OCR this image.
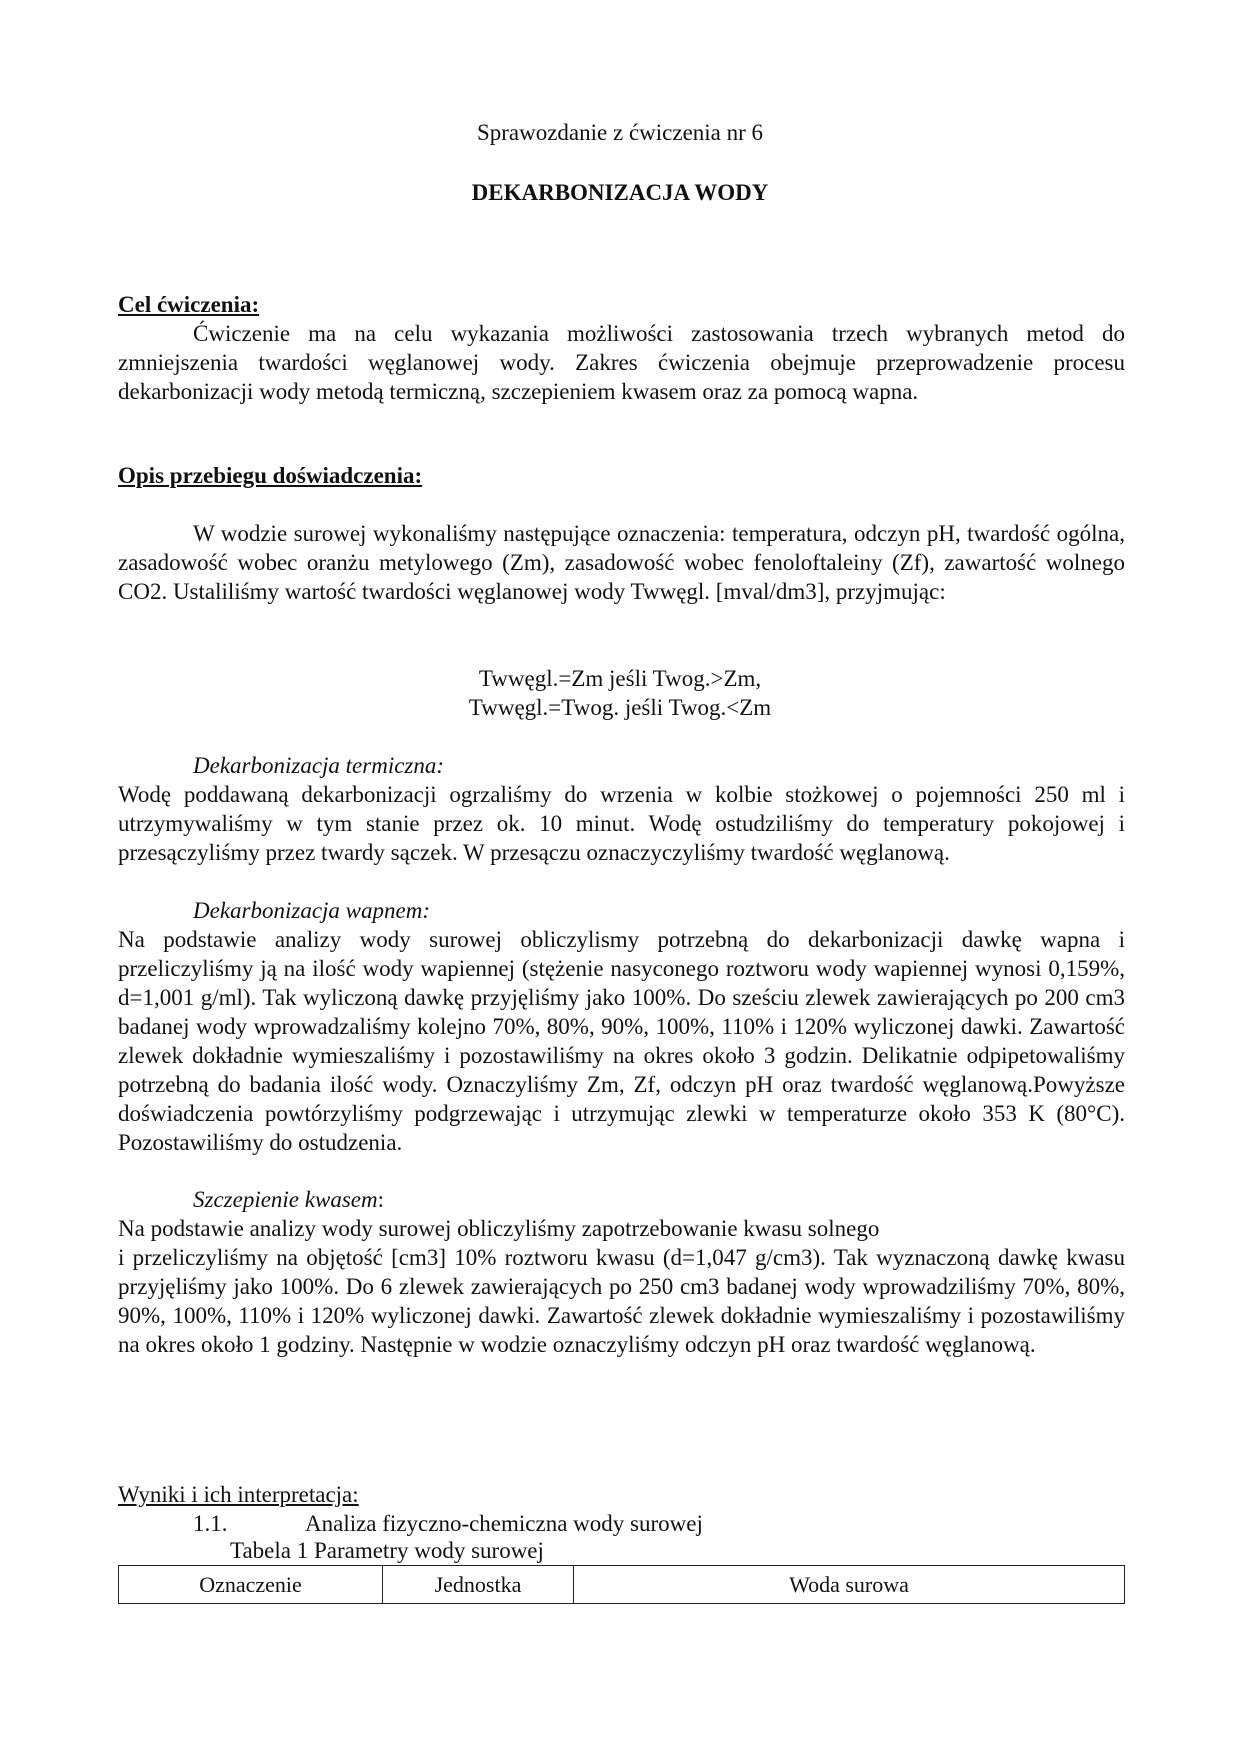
Sprawozdanie z ćwiczenia nr 6
DEKARBONIZACJA WODY
Cel ćwiczenia:
Ćwiczenie ma na celu wykazania możliwości zastosowania trzech wybranych metod do zmniejszenia twardości węglanowej wody. Zakres ćwiczenia obejmuje przeprowadzenie procesu dekarbonizacji wody metodą termiczną, szczepieniem kwasem oraz za pomocą wapna.
Opis przebiegu doświadczenia:
W wodzie surowej wykonaliśmy następujące oznaczenia: temperatura, odczyn pH, twardość ogólna, zasadowość wobec oranżu metylowego (Zm), zasadowość wobec fenoloftaleiny (Zf), zawartość wolnego CO2. Ustaliliśmy wartość twardości węglanowej wody Twwęgl. [mval/dm3], przyjmując:
Twwęgl.=Zm jeśli Twog.>Zm,
Twwęgl.=Twog. jeśli Twog.<Zm
Dekarbonizacja termiczna:
Wodę poddawaną dekarbonizacji ogrzaliśmy do wrzenia w kolbie stożkowej o pojemności 250 ml i utrzymywaliśmy w tym stanie przez ok. 10 minut. Wodę ostudziliśmy do temperatury pokojowej i przesączyliśmy przez twardy sączek. W przesączu oznaczyczyliśmy twardość węglanową.
Dekarbonizacja wapnem:
Na podstawie analizy wody surowej obliczylismy potrzebną do dekarbonizacji dawkę wapna i przeliczyliśmy ją na ilość wody wapiennej (stężenie nasyconego roztworu wody wapiennej wynosi 0,159%, d=1,001 g/ml). Tak wyliczoną dawkę przyjęliśmy jako 100%. Do sześciu zlewek zawierających po 200 cm3 badanej wody wprowadzaliśmy kolejno 70%, 80%, 90%, 100%, 110% i 120% wyliczonej dawki. Zawartość zlewek dokładnie wymieszaliśmy i pozostawiliśmy na okres około 3 godzin. Delikatnie odpipetowaliśmy potrzebną do badania ilość wody. Oznaczyliśmy Zm, Zf, odczyn pH oraz twardość węglanową.Powyższe doświadczenia powtórzyliśmy podgrzewając i utrzymując zlewki w temperaturze około 353 K (80°C). Pozostawiliśmy do ostudzenia.
Szczepienie kwasem:
Na podstawie analizy wody surowej obliczyliśmy zapotrzebowanie kwasu solnego
i przeliczyliśmy na objętość [cm3] 10% roztworu kwasu (d=1,047 g/cm3). Tak wyznaczoną dawkę kwasu przyjęliśmy jako 100%. Do 6 zlewek zawierających po 250 cm3 badanej wody wprowadziliśmy 70%, 80%, 90%, 100%, 110% i 120% wyliczonej dawki. Zawartość zlewek dokładnie wymieszaliśmy i pozostawiliśmy na okres około 1 godziny. Następnie w wodzie oznaczyliśmy odczyn pH oraz twardość węglanową.
Wyniki i ich interpretacja:
1.1.	Analiza fizyczno-chemiczna wody surowej
Tabela 1 Parametry wody surowej
Oznaczenie	Jednostka	Woda surowa
